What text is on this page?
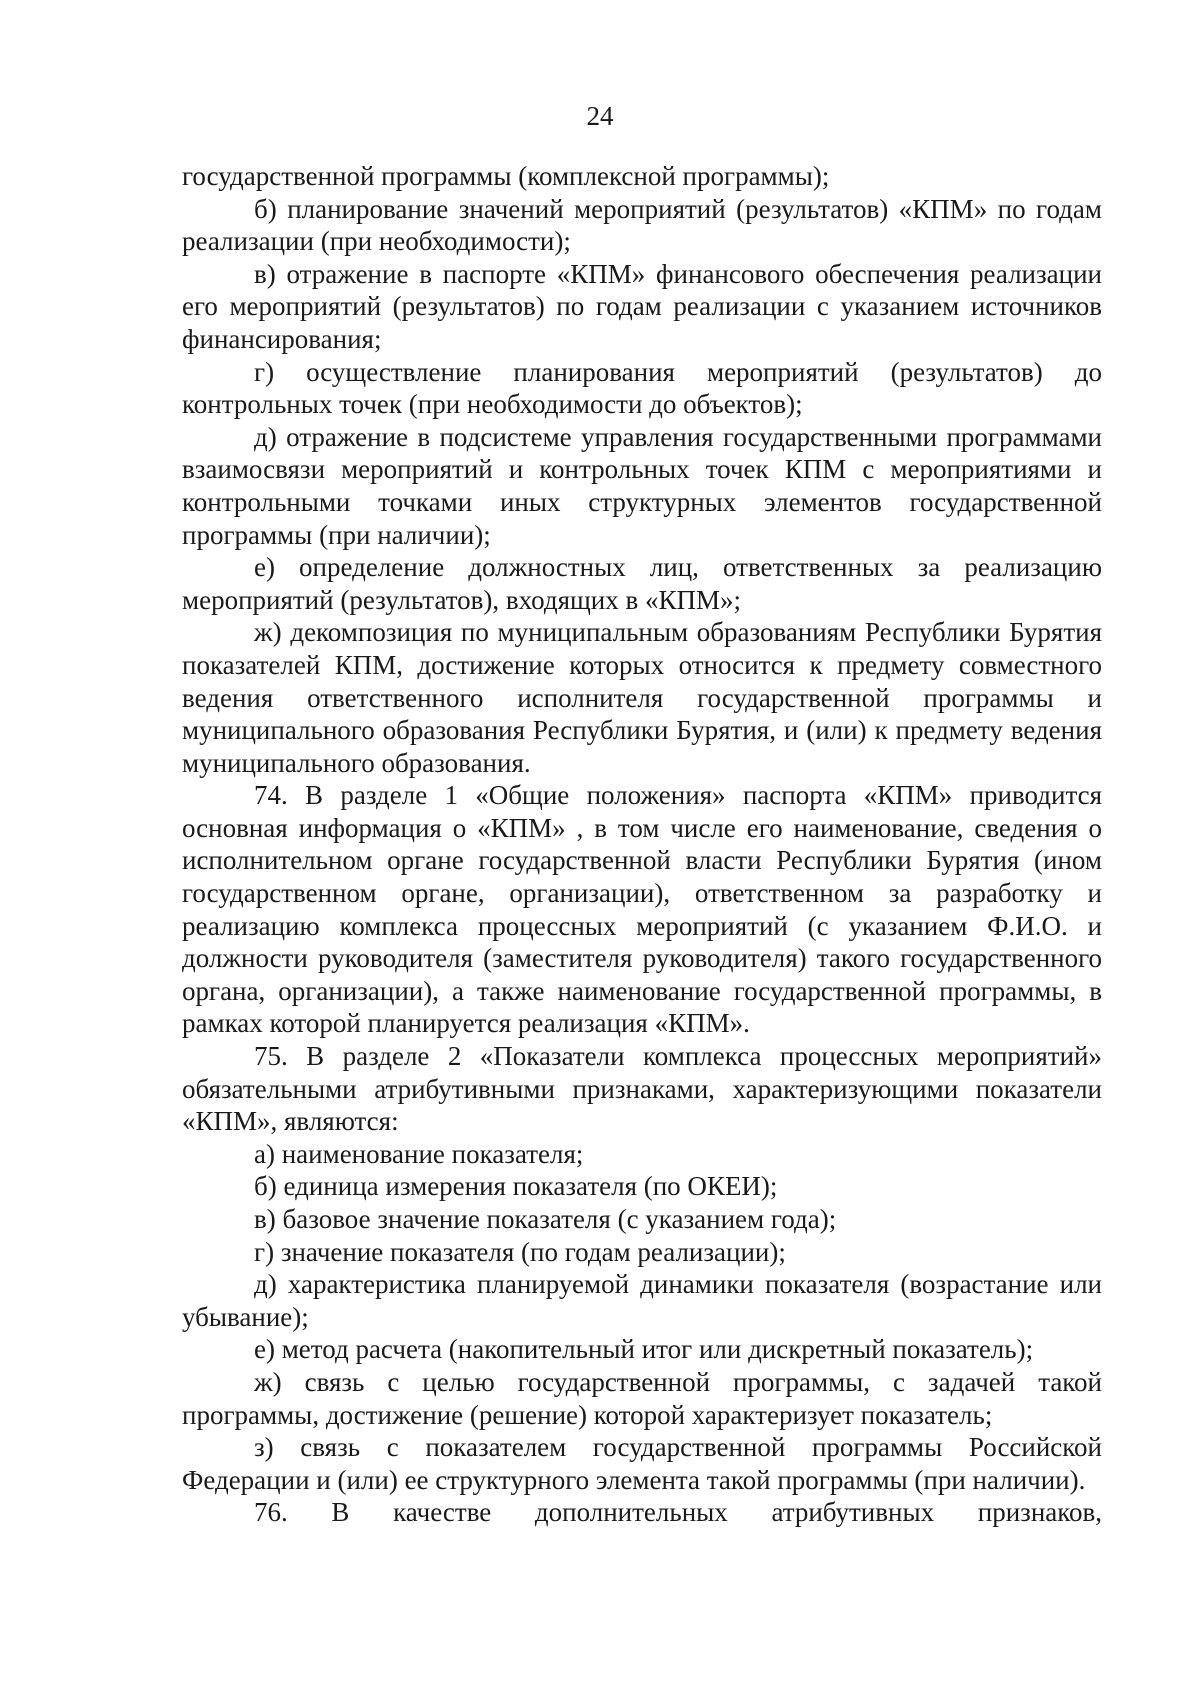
24

государственной программы (комплексной программы);

б) планирование значений мероприятий (результатов) «КПМ» по годам реализации (при необходимости);

в) отражение в паспорте «КПМ» финансового обеспечения реализации его мероприятий (результатов) по годам реализации с указанием источников финансирования;

г) осуществление планирования мероприятий (результатов) до контрольных точек (при необходимости до объектов);

д) отражение в подсистеме управления государственными программами взаимосвязи мероприятий и контрольных точек КПМ с мероприятиями и контрольными точками иных структурных элементов государственной программы (при наличии);

е) определение должностных лиц, ответственных за реализацию мероприятий (результатов), входящих в «КПМ»;

ж) декомпозиция по муниципальным образованиям Республики Бурятия показателей КПМ, достижение которых относится к предмету совместного ведения ответственного исполнителя государственной программы и муниципального образования Республики Бурятия, и (или) к предмету ведения муниципального образования.

74. В разделе 1 «Общие положения» паспорта «КПМ» приводится основная информация о «КПМ» , в том числе его наименование, сведения о исполнительном органе государственной власти Республики Бурятия (ином государственном органе, организации), ответственном за разработку и реализацию комплекса процессных мероприятий (с указанием Ф.И.О. и должности руководителя (заместителя руководителя) такого государственного органа, организации), а также наименование государственной программы, в рамках которой планируется реализация «КПМ».

75. В разделе 2 «Показатели комплекса процессных мероприятий» обязательными атрибутивными признаками, характеризующими показатели «КПМ», являются:

а) наименование показателя;

б) единица измерения показателя (по ОКЕИ);

в) базовое значение показателя (с указанием года);

г) значение показателя (по годам реализации);

д) характеристика планируемой динамики показателя (возрастание или убывание);

е) метод расчета (накопительный итог или дискретный показатель);

ж) связь с целью государственной программы, с задачей такой программы, достижение (решение) которой характеризует показатель;

з) связь с показателем государственной программы Российской Федерации и (или) ее структурного элемента такой программы (при наличии).

76. В качестве дополнительных атрибутивных признаков,
